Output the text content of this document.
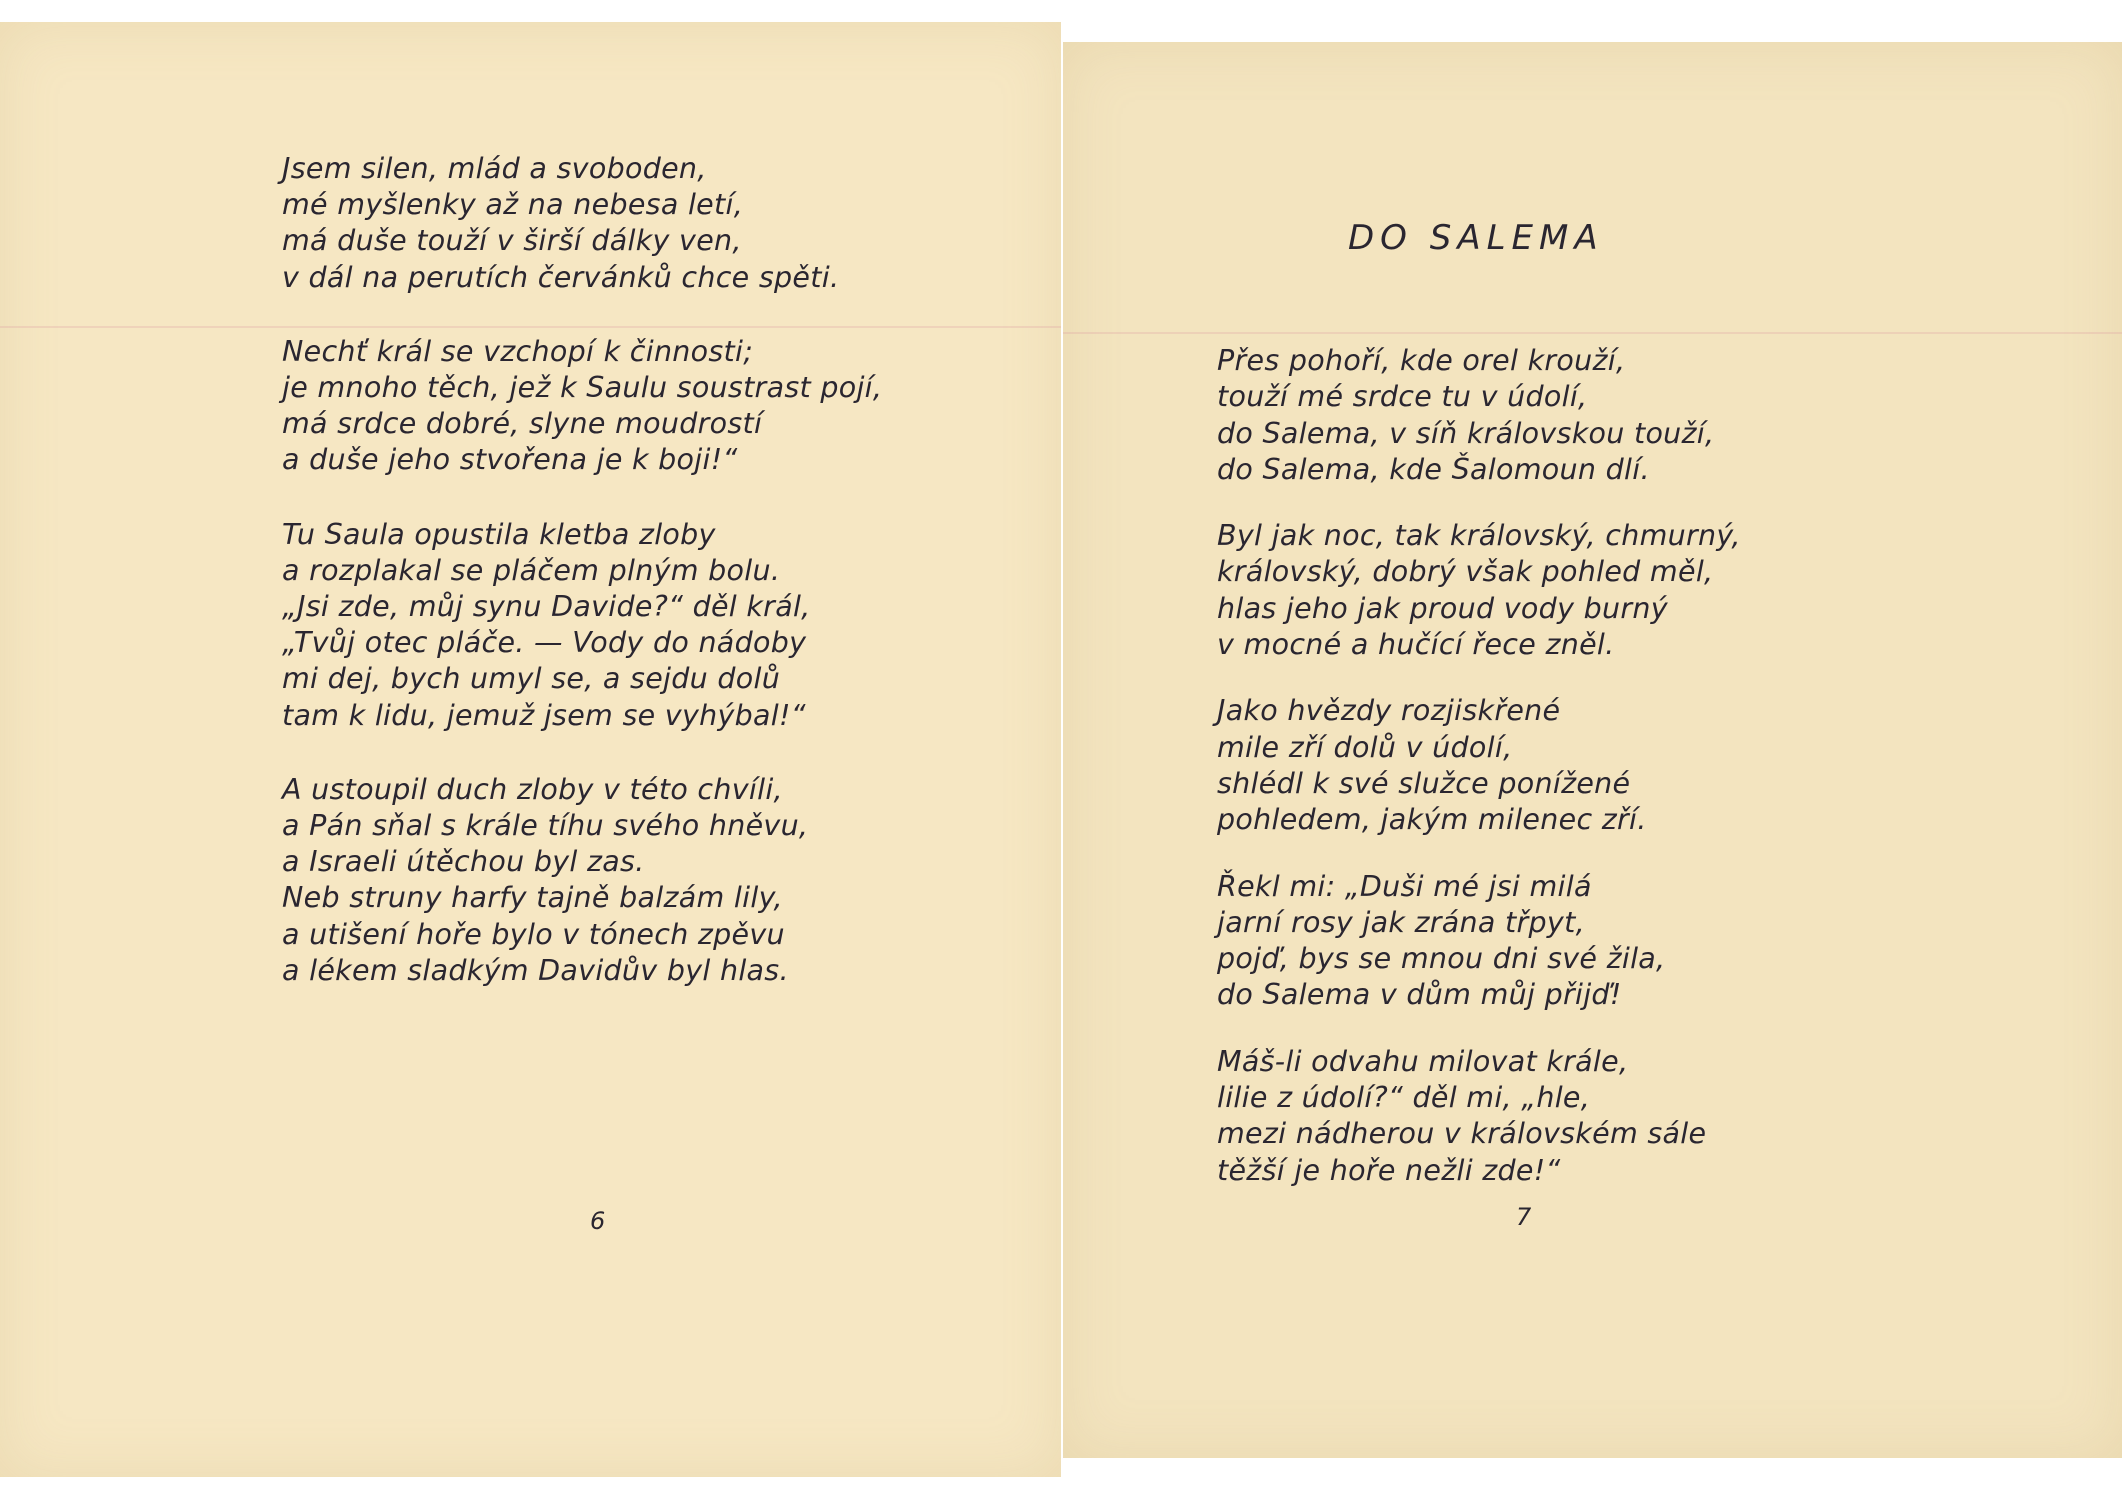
Jsem silen, mlád a svoboden,
mé myšlenky až na nebesa letí,
má duše touží v širší dálky ven,
v dál na perutích červánků chce spěti.
Nechť král se vzchopí k činnosti;
je mnoho těch, jež k Saulu soustrast pojí,
má srdce dobré, slyne moudrostí
a duše jeho stvořena je k boji!“
Tu Saula opustila kletba zloby
a rozplakal se pláčem plným bolu.
„Jsi zde, můj synu Davide?“ děl král,
„Tvůj otec pláče. — Vody do nádoby
mi dej, bych umyl se, a sejdu dolů
tam k lidu, jemuž jsem se vyhýbal!“
A ustoupil duch zloby v této chvíli,
a Pán sňal s krále tíhu svého hněvu,
a Israeli útěchou byl zas.
Neb struny harfy tajně balzám lily,
a utišení hoře bylo v tónech zpěvu
a lékem sladkým Davidův byl hlas.
6
DO SALEMA
Přes pohoří, kde orel krouží,
touží mé srdce tu v údolí,
do Salema, v síň královskou touží,
do Salema, kde Šalomoun dlí.
Byl jak noc, tak královský, chmurný,
královský, dobrý však pohled měl,
hlas jeho jak proud vody burný
v mocné a hučící řece zněl.
Jako hvězdy rozjiskřené
mile zří dolů v údolí,
shlédl k své služce ponížené
pohledem, jakým milenec zří.
Řekl mi: „Duši mé jsi milá
jarní rosy jak zrána třpyt,
pojď, bys se mnou dni své žila,
do Salema v dům můj přijď!
Máš-li odvahu milovat krále,
lilie z údolí?“ děl mi, „hle,
mezi nádherou v královském sále
těžší je hoře nežli zde!“
7
